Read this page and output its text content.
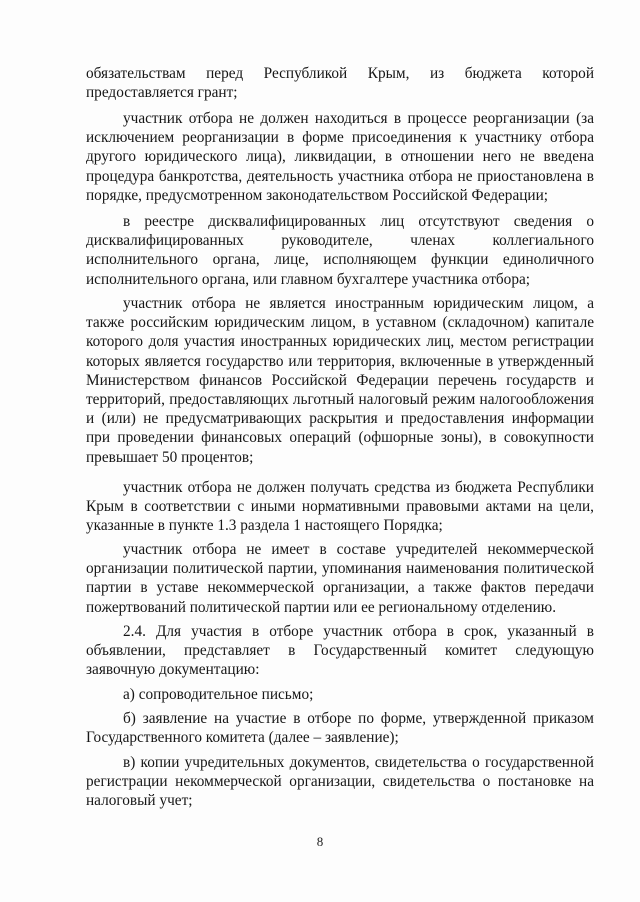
обязательствам перед Республикой Крым, из бюджета которой предоставляется грант;

участник отбора не должен находиться в процессе реорганизации (за исключением реорганизации в форме присоединения к участнику отбора другого юридического лица), ликвидации, в отношении него не введена процедура банкротства, деятельность участника отбора не приостановлена в порядке, предусмотренном законодательством Российской Федерации;

в реестре дисквалифицированных лиц отсутствуют сведения о дисквалифицированных руководителе, членах коллегиального исполнительного органа, лице, исполняющем функции единоличного исполнительного органа, или главном бухгалтере участника отбора;

участник отбора не является иностранным юридическим лицом, а также российским юридическим лицом, в уставном (складочном) капитале которого доля участия иностранных юридических лиц, местом регистрации которых является государство или территория, включенные в утвержденный Министерством финансов Российской Федерации перечень государств и территорий, предоставляющих льготный налоговый режим налогообложения и (или) не предусматривающих раскрытия и предоставления информации при проведении финансовых операций (офшорные зоны), в совокупности превышает 50 процентов;

участник отбора не должен получать средства из бюджета Республики Крым в соответствии с иными нормативными правовыми актами на цели, указанные в пункте 1.3 раздела 1 настоящего Порядка;

участник отбора не имеет в составе учредителей некоммерческой организации политической партии, упоминания наименования политической партии в уставе некоммерческой организации, а также фактов передачи пожертвований политической партии или ее региональному отделению.

2.4. Для участия в отборе участник отбора в срок, указанный в объявлении, представляет в Государственный комитет следующую заявочную документацию:

а) сопроводительное письмо;

б) заявление на участие в отборе по форме, утвержденной приказом Государственного комитета (далее – заявление);

в) копии учредительных документов, свидетельства о государственной регистрации некоммерческой организации, свидетельства о постановке на налоговый учет;

8
